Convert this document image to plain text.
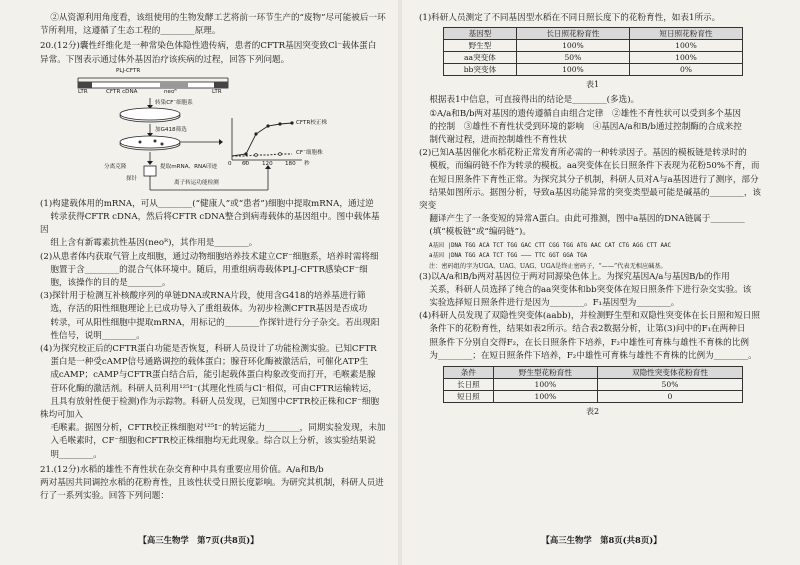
②从资源利用角度看，该组使用的生物发酵工艺将前一环节生产的“废物”尽可能被后一环

节所利用，这遵循了生态工程的________原理。

20.(12分)囊性纤维化是一种常染色体隐性遗传病，患者的CFTR基因突变致Cl⁻载体蛋白

异常。下图表示通过体外基因治疗该疾病的过程，回答下列问题。

PLJ-CFTR
LTR	CFTR cDNA	neoᴿ	LTR
转染CF¯细胞系
加G418筛选
CFTR校正株
CF¯细胞株
0 60 120 180 秒
分离克隆	提取mRNA、RNA印迹
探针
离子转运功能检测

(1)构建载体用的mRNA，可从________(“健康人”或“患者”)细胞中提取mRNA，通过逆

转录获得CFTR cDNA，然后将CFTR cDNA整合到病毒载体的基因组中。图中载体基因

组上含有新霉素抗性基因(neoᴿ)，其作用是________。

(2)从患者体内获取气管上皮细胞，通过动物细胞培养技术建立CF⁻细胞系，培养时需将细

胞置于含________的混合气体环境中。随后，用重组病毒载体PLJ-CFTR感染CF⁻细

胞，该操作的目的是________。

(3)探针用于检测互补核酸序列的单链DNA或RNA片段，使用含G418的培养基进行筛

选，存活的阳性细胞理论上已成功导入了重组载体。为初步检测CFTR基因是否成功

转录，可从阳性细胞中提取mRNA，用标记的________作探针进行分子杂交。若出现阳

性信号，说明________。

(4)为探究校正后的CFTR蛋白功能是否恢复，科研人员设计了功能检测实验。已知CFTR

蛋白是一种受cAMP信号通路调控的载体蛋白；腺苷环化酶被激活后，可催化ATP生

成cAMP；cAMP与CFTR蛋白结合后，能引起载体蛋白构象改变而打开，毛喉素是腺

苷环化酶的激活剂。科研人员利用¹²⁵I⁻(其理化性质与Cl⁻相似，可由CFTR运输转运，

且具有放射性便于检测)作为示踪物。科研人员发现，已知图中CFTR校正株和CF⁻细胞株均可加入

毛喉素。据图分析，CFTR校正株细胞对¹²⁵I⁻的转运能力________，同期实验发现，未加

入毛喉素时，CF⁻细胞和CFTR校正株细胞均无此现象。综合以上分析，该实验结果说

明________。

21.(12分)水稻的雄性不育性状在杂交育种中具有重要应用价值。A/a和B/b

两对基因共同调控水稻的花粉育性，且该性状受日照长度影响。为研究其机制，科研人员进

行了一系列实验。回答下列问题：

【高三生物学　第7页(共8页)】

(1)科研人员测定了不同基因型水稻在不同日照长度下的花粉育性，如表1所示。

基因型	长日照花粉育性	短日照花粉育性
野生型	100%	100%
aa突变体	50%	100%
bb突变体	100%	0%
表1

根据表1中信息，可直接得出的结论是________(多选)。

①A/a和B/b两对基因的遗传遵循自由组合定律　②雄性不育性状可以受到多个基因

的控制　③雄性不育性状受到环境的影响　④基因A/a和B/b通过控制酶的合成来控

制代谢过程，进而控制雄性不育性状

(2)已知A基因催化水稻花粉正常发育所必需的一种转录因子。基因的模板链是转录时的

模板，而编码链不作为转录的模板。aa突变体在长日照条件下表现为花粉50%不育，而

在短日照条件下育性正常。为探究其分子机制，科研人员对A与a基因进行了测序，部分

结果如图所示。据图分析，导致a基因功能异常的突变类型最可能是碱基的________，该突变

翻译产生了一条变短的异常A蛋白。由此可推测，图中a基因的DNA链属于________

(填“模板链”或“编码链”)。

A基因 |DNA TGG ACA TCT TGG GAC CTT CGG TGG ATG AAC CAT CTG AGG CTT AAC
a基因 |DNA TGG ACA TCT TGG ——— TTC GGT GGA TGA
注：密码组的字为UGA、UAG、UAG、UGA是终止密码子，“——”代表无相应碱基。

(3)以A/a和B/b两对基因位于两对同源染色体上。为探究基因A/a与基因B/b的作用

关系，科研人员选择了纯合的aa突变体和bb突变体在短日照条件下进行杂交实验。该

实验选择短日照条件进行是因为________。F₁基因型为________。

(4)科研人员发现了双隐性突变体(aabb)，并检测野生型和双隐性突变体在长日照和短日照

条件下的花粉育性，结果如表2所示。结合表2数据分析，让第(3)问中的F₁在两种日

照条件下分别自交得F₂，在长日照条件下培养，F₂中雄性可育株与雄性不育株的比例

为________；在短日照条件下培养，F₂中雄性可育株与雄性不育株的比例为________。

条件	野生型花粉育性	双隐性突变体花粉育性
长日照	100%	50%
短日照	100%	0
表2
【高三生物学　第8页(共8页)】
